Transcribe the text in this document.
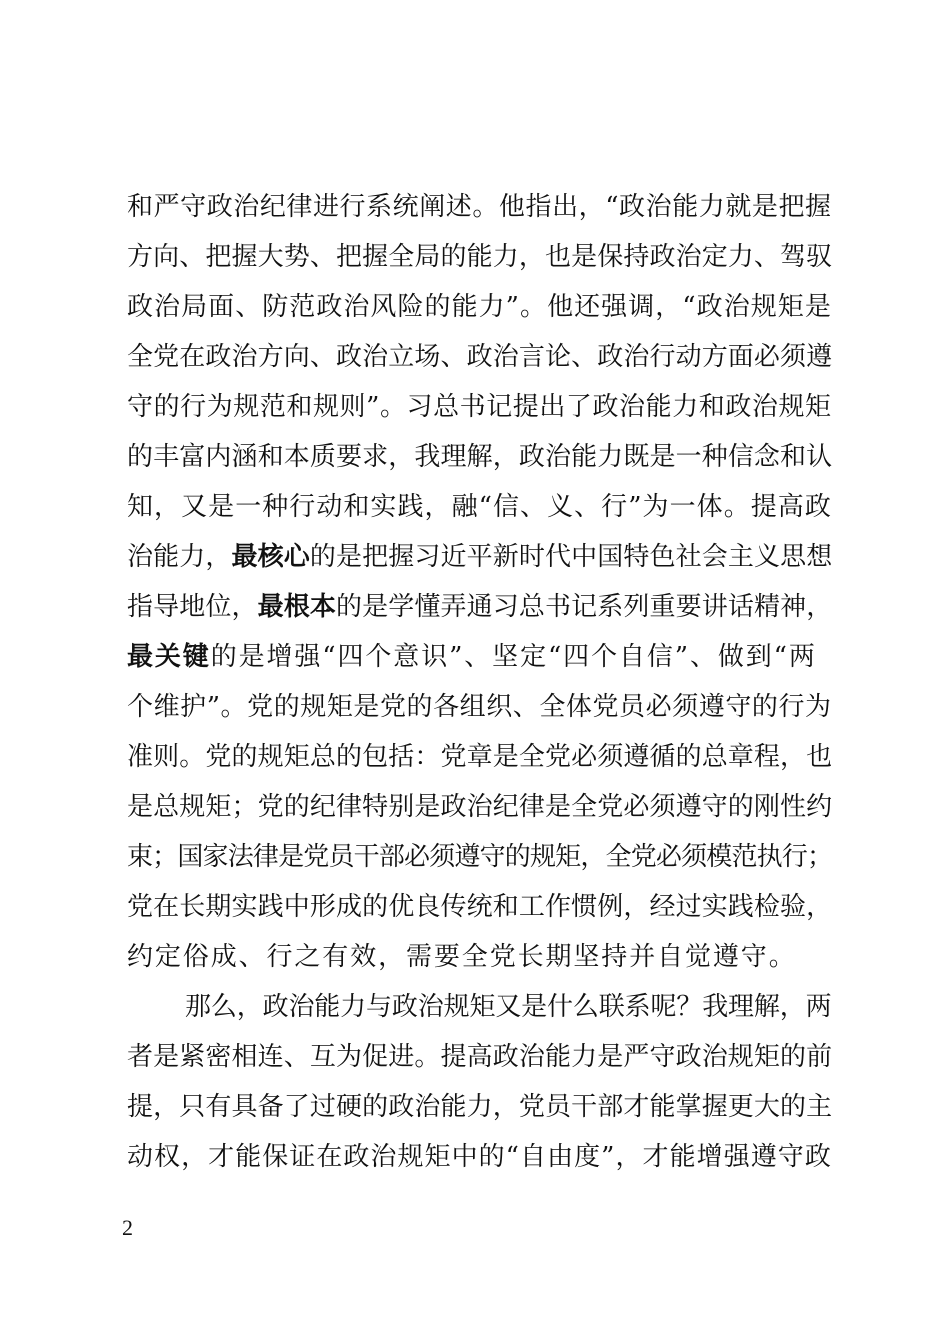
和严守政治纪律进行系统阐述。他指出，“政治能力就是把握
方向、把握大势、把握全局的能力，也是保持政治定力、驾驭
政治局面、防范政治风险的能力”。他还强调，“政治规矩是
全党在政治方向、政治立场、政治言论、政治行动方面必须遵
守的行为规范和规则”。习总书记提出了政治能力和政治规矩
的丰富内涵和本质要求，我理解，政治能力既是一种信念和认
知，又是一种行动和实践，融“信、义、行”为一体。提高政
治能力，最核心的是把握习近平新时代中国特色社会主义思想
指导地位，最根本的是学懂弄通习总书记系列重要讲话精神，
最关键的是增强“四个意识”、坚定“四个自信”、做到“两
个维护”。党的规矩是党的各组织、全体党员必须遵守的行为
准则。党的规矩总的包括：党章是全党必须遵循的总章程，也
是总规矩；党的纪律特别是政治纪律是全党必须遵守的刚性约
束；国家法律是党员干部必须遵守的规矩，全党必须模范执行；
党在长期实践中形成的优良传统和工作惯例，经过实践检验，
约定俗成、行之有效，需要全党长期坚持并自觉遵守。
那么，政治能力与政治规矩又是什么联系呢？我理解，两
者是紧密相连、互为促进。提高政治能力是严守政治规矩的前
提，只有具备了过硬的政治能力，党员干部才能掌握更大的主
动权，才能保证在政治规矩中的“自由度”，才能增强遵守政
2
